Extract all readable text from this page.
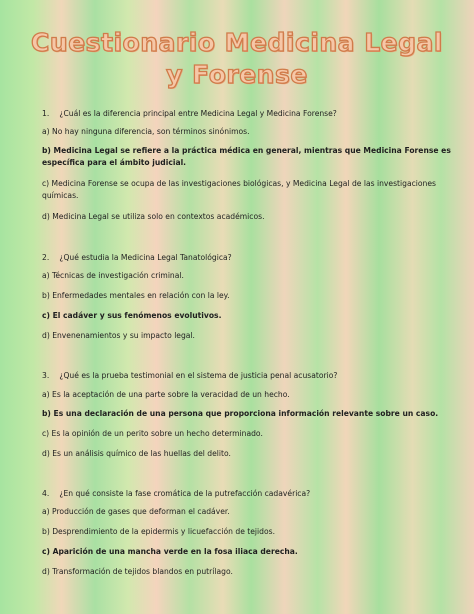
Cuestionario Medicina Legal
y Forense
1. ¿Cuál es la diferencia principal entre Medicina Legal y Medicina Forense?
a) No hay ninguna diferencia, son términos sinónimos.
b) Medicina Legal se refiere a la práctica médica en general, mientras que Medicina Forense es específica para el ámbito judicial.
c) Medicina Forense se ocupa de las investigaciones biológicas, y Medicina Legal de las investigaciones químicas.
d) Medicina Legal se utiliza solo en contextos académicos.
2. ¿Qué estudia la Medicina Legal Tanatológica?
a) Técnicas de investigación criminal.
b) Enfermedades mentales en relación con la ley.
c) El cadáver y sus fenómenos evolutivos.
d) Envenenamientos y su impacto legal.
3. ¿Qué es la prueba testimonial en el sistema de justicia penal acusatorio?
a) Es la aceptación de una parte sobre la veracidad de un hecho.
b) Es una declaración de una persona que proporciona información relevante sobre un caso.
c) Es la opinión de un perito sobre un hecho determinado.
d) Es un análisis químico de las huellas del delito.
4. ¿En qué consiste la fase cromática de la putrefacción cadavérica?
a) Producción de gases que deforman el cadáver.
b) Desprendimiento de la epidermis y licuefacción de tejidos.
c) Aparición de una mancha verde en la fosa iliaca derecha.
d) Transformación de tejidos blandos en putrílago.
